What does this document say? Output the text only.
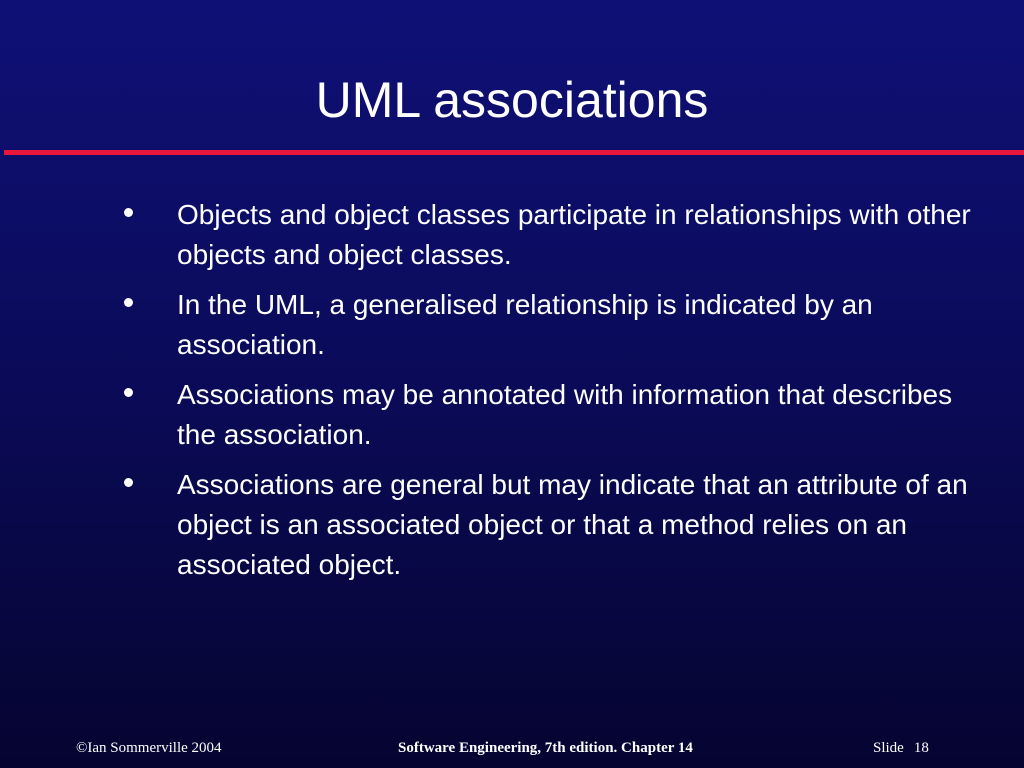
UML associations
Objects and object classes participate in relationships with other objects and object classes.
In the UML, a generalised relationship is indicated by an association.
Associations may be annotated with information that describes the association.
Associations are general but may indicate that an attribute of an object is an associated object or that a method relies on an associated object.
©Ian Sommerville 2004	Software Engineering, 7th edition. Chapter 14	Slide 18
